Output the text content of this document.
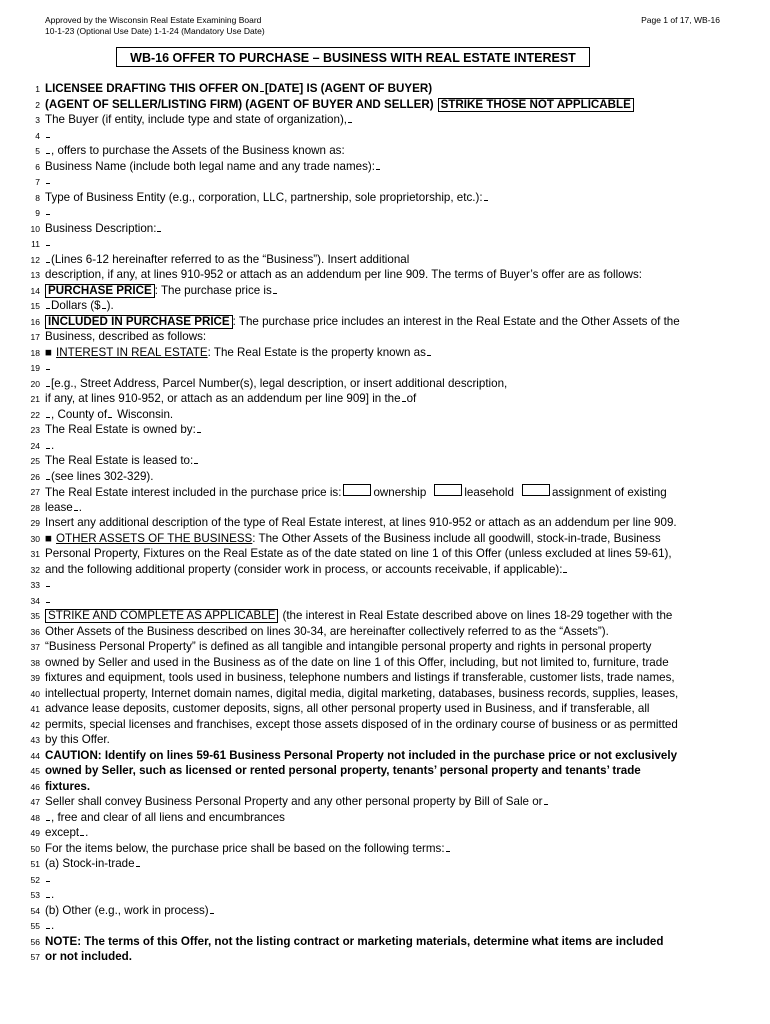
Approved by the Wisconsin Real Estate Examining Board
10-1-23 (Optional Use Date) 1-1-24 (Mandatory Use Date)
Page 1 of 17, WB-16
WB-16 OFFER TO PURCHASE – BUSINESS WITH REAL ESTATE INTEREST
1 LICENSEE DRAFTING THIS OFFER ON [DATE] IS (AGENT OF BUYER)
2 (AGENT OF SELLER/LISTING FIRM) (AGENT OF BUYER AND SELLER) STRIKE THOSE NOT APPLICABLE
3 The Buyer (if entity, include type and state of organization),
4
5 , offers to purchase the Assets of the Business known as:
6 Business Name (include both legal name and any trade names):
7
8 Type of Business Entity (e.g., corporation, LLC, partnership, sole proprietorship, etc.):
9
10 Business Description:
11
12 (Lines 6-12 hereinafter referred to as the “Business”). Insert additional
13 description, if any, at lines 910-952 or attach as an addendum per line 909. The terms of Buyer’s offer are as follows:
14 PURCHASE PRICE : The purchase price is
15 Dollars ($ ).
16 INCLUDED IN PURCHASE PRICE : The purchase price includes an interest in the Real Estate and the Other Assets of the
17 Business, described as follows:
18 ■ INTEREST IN REAL ESTATE : The Real Estate is the property known as
19
20 [e.g., Street Address, Parcel Number(s), legal description, or insert additional description,
21 if any, at lines 910-952, or attach as an addendum per line 909] in the of
22 , County of Wisconsin.
23 The Real Estate is owned by:
24 .
25 The Real Estate is leased to:
26 (see lines 302-329).
27 The Real Estate interest included in the purchase price is:	ownership	leasehold	assignment of existing
28 lease .
29 Insert any additional description of the type of Real Estate interest, at lines 910-952 or attach as an addendum per line 909.
30 ■ OTHER ASSETS OF THE BUSINESS : The Other Assets of the Business include all goodwill, stock-in-trade, Business
31 Personal Property, Fixtures on the Real Estate as of the date stated on line 1 of this Offer (unless excluded at lines 59-61),
32 and the following additional property (consider work in process, or accounts receivable, if applicable):
33
34
35 STRIKE AND COMPLETE AS APPLICABLE (the interest in Real Estate described above on lines 18-29 together with the
36 Other Assets of the Business described on lines 30-34, are hereinafter collectively referred to as the “Assets”).
37 “Business Personal Property” is defined as all tangible and intangible personal property and rights in personal property
38 owned by Seller and used in the Business as of the date on line 1 of this Offer, including, but not limited to, furniture, trade
39 fixtures and equipment, tools used in business, telephone numbers and listings if transferable, customer lists, trade names,
40 intellectual property, Internet domain names, digital media, digital marketing, databases, business records, supplies, leases,
41 advance lease deposits, customer deposits, signs, all other personal property used in Business, and if transferable, all
42 permits, special licenses and franchises, except those assets disposed of in the ordinary course of business or as permitted
43 by this Offer.
44 CAUTION: Identify on lines 59-61 Business Personal Property not included in the purchase price or not exclusively
45 owned by Seller, such as licensed or rented personal property, tenants’ personal property and tenants’ trade
46 fixtures.
47 Seller shall convey Business Personal Property and any other personal property by Bill of Sale or
48 , free and clear of all liens and encumbrances
49 except .
50 For the items below, the purchase price shall be based on the following terms:
51 (a) Stock-in-trade
52
53 .
54 (b) Other (e.g., work in process)
55 .
56 NOTE: The terms of this Offer, not the listing contract or marketing materials, determine what items are included
57 or not included.
